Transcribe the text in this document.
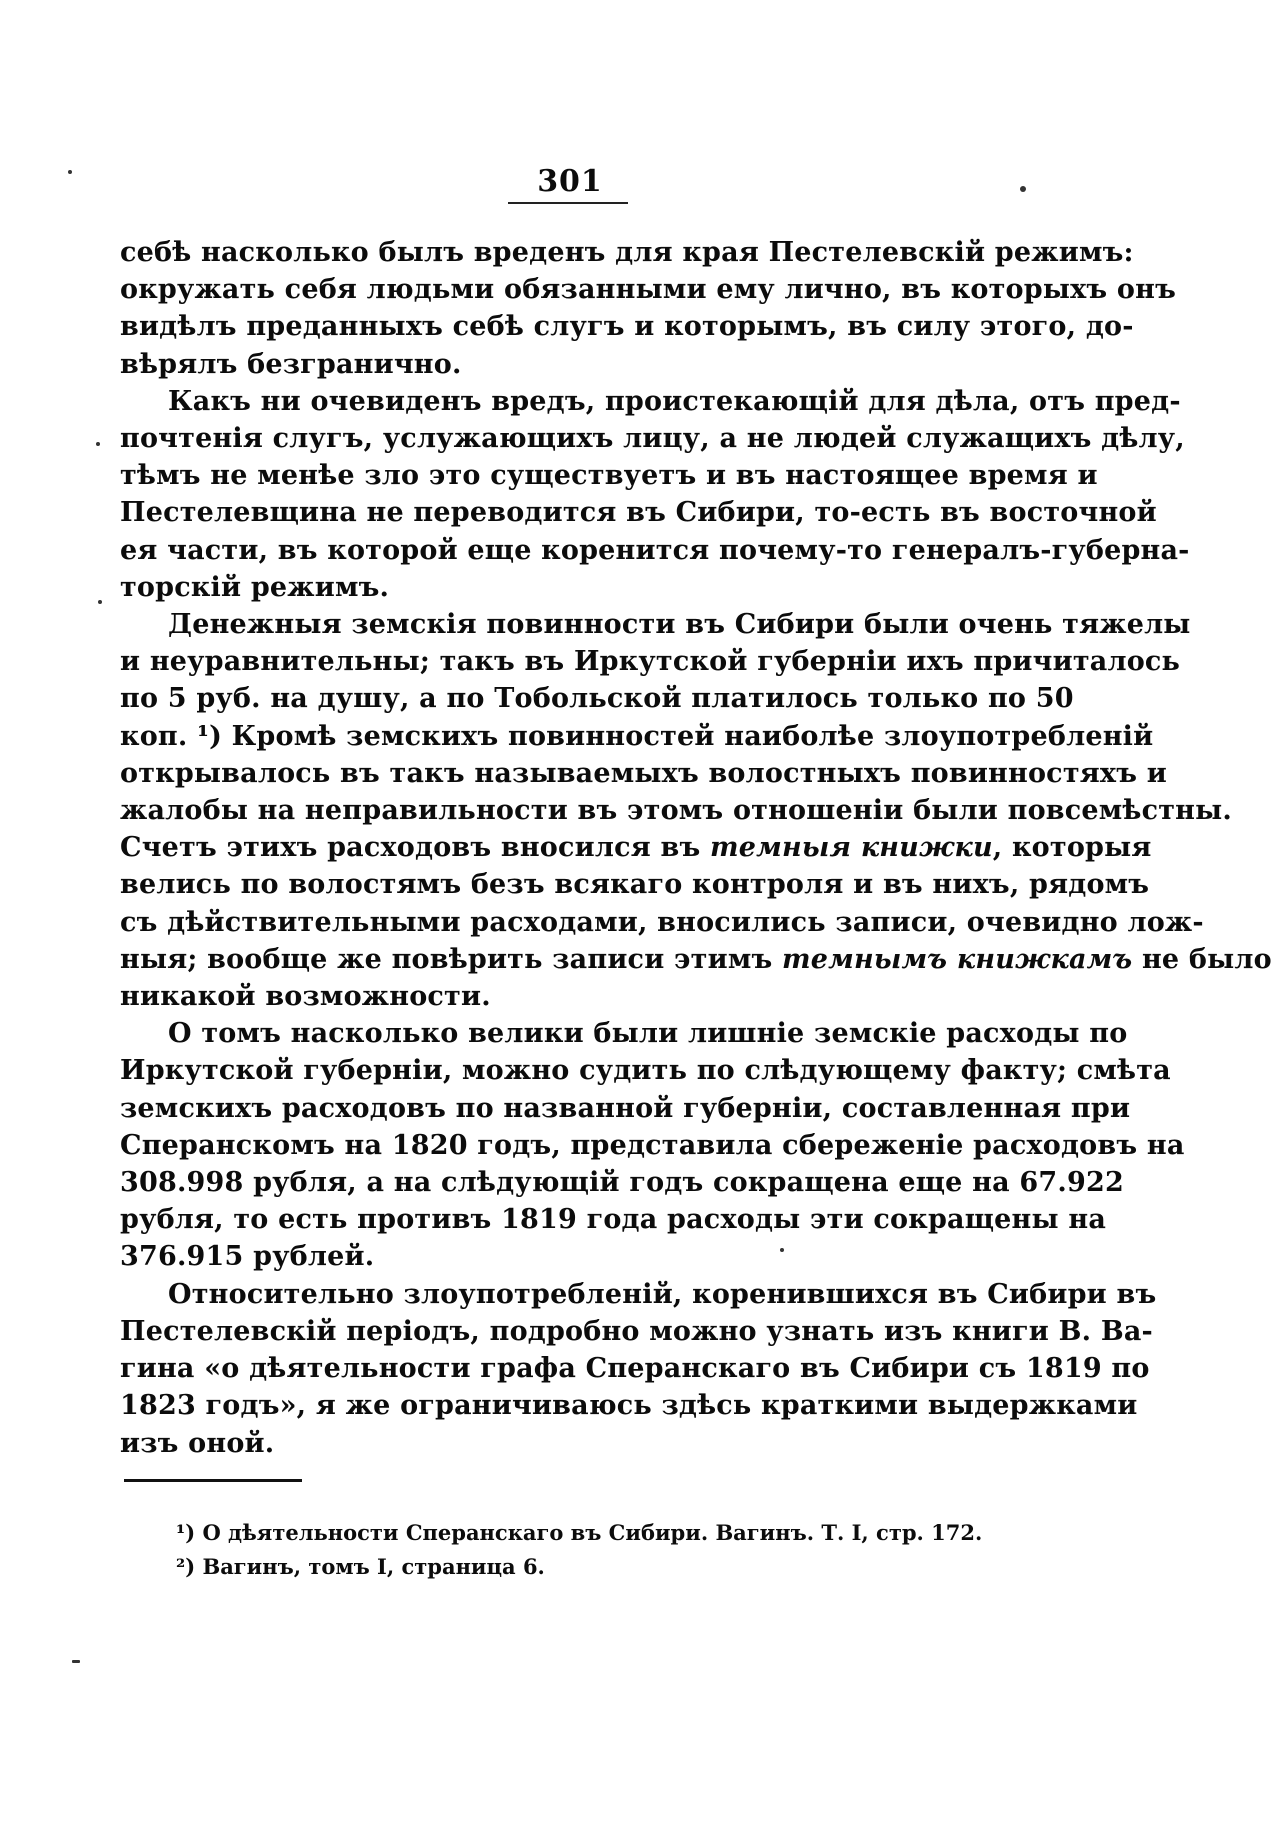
301
себѣ насколько былъ вреденъ для края Пестелевскій режимъ:
окружать себя людьми обязанными ему лично, въ которыхъ онъ
видѣлъ преданныхъ себѣ слугъ и которымъ, въ силу этого, до-
вѣрялъ безгранично.
Какъ ни очевиденъ вредъ, проистекающій для дѣла, отъ пред-
почтенія слугъ, услужающихъ лицу, а не людей служащихъ дѣлу,
тѣмъ не менѣе зло это существуетъ и въ настоящее время и
Пестелевщина не переводится въ Сибири, то-есть въ восточной
ея части, въ которой еще коренится почему-то генералъ-губерна-
торскій режимъ.
Денежныя земскія повинности въ Сибири были очень тяжелы
и неуравнительны; такъ въ Иркутской губерніи ихъ причиталось
по 5 руб. на душу, а по Тобольской платилось только по 50
коп. ¹) Кромѣ земскихъ повинностей наиболѣе злоупотребленій
открывалось въ такъ называемыхъ волостныхъ повинностяхъ и
жалобы на неправильности въ этомъ отношеніи были повсемѣстны.
Счетъ этихъ расходовъ вносился въ темныя книжки, которыя
велись по волостямъ безъ всякаго контроля и въ нихъ, рядомъ
съ дѣйствительными расходами, вносились записи, очевидно лож-
ныя; вообще же повѣрить записи этимъ темнымъ книжкамъ не было
никакой возможности.
О томъ насколько велики были лишніе земскіе расходы по
Иркутской губерніи, можно судить по слѣдующему факту; смѣта
земскихъ расходовъ по названной губерніи, составленная при
Сперанскомъ на 1820 годъ, представила сбереженіе расходовъ на
308.998 рубля, а на слѣдующій годъ сокращена еще на 67.922
рубля, то есть противъ 1819 года расходы эти сокращены на
376.915 рублей.
Относительно злоупотребленій, коренившихся въ Сибири въ
Пестелевскій періодъ, подробно можно узнать изъ книги В. Ва-
гина «о дѣятельности графа Сперанскаго въ Сибири съ 1819 по
1823 годъ», я же ограничиваюсь здѣсь краткими выдержками
изъ оной.
¹) О дѣятельности Сперанскаго въ Сибири. Вагинъ. Т. I, стр. 172.
²) Вагинъ, томъ I, страница 6.
